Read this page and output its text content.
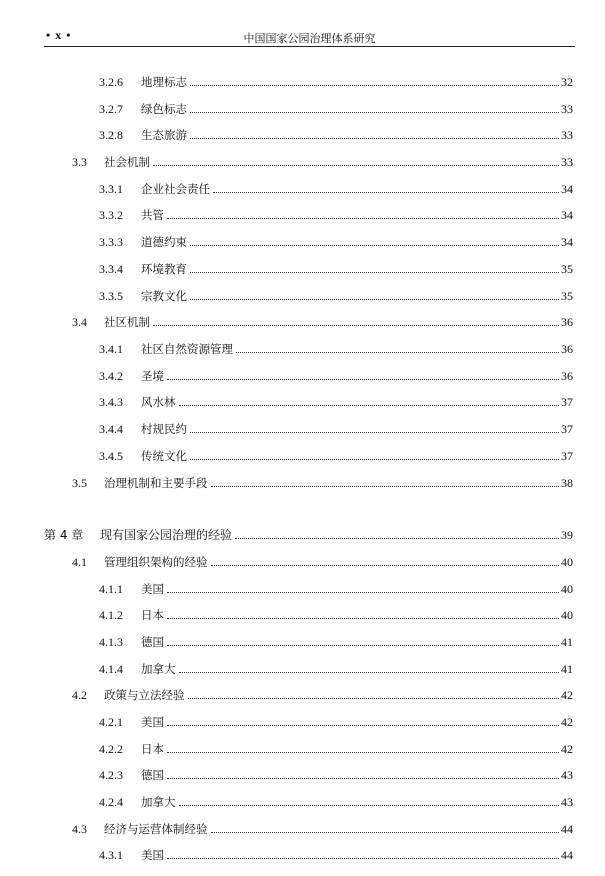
• x •	中国国家公园治理体系研究
3.2.6	地理标志	32
3.2.7	绿色标志	33
3.2.8	生态旅游	33
3.3	社会机制	33
3.3.1	企业社会责任	34
3.3.2	共管	34
3.3.3	道德约束	34
3.3.4	环境教育	35
3.3.5	宗教文化	35
3.4	社区机制	36
3.4.1	社区自然资源管理	36
3.4.2	圣境	36
3.4.3	风水林	37
3.4.4	村规民约	37
3.4.5	传统文化	37
3.5	治理机制和主要手段	38
第 4 章	现有国家公园治理的经验	39
4.1	管理组织架构的经验	40
4.1.1	美国	40
4.1.2	日本	40
4.1.3	德国	41
4.1.4	加拿大	41
4.2	政策与立法经验	42
4.2.1	美国	42
4.2.2	日本	42
4.2.3	德国	43
4.2.4	加拿大	43
4.3	经济与运营体制经验	44
4.3.1	美国	44
